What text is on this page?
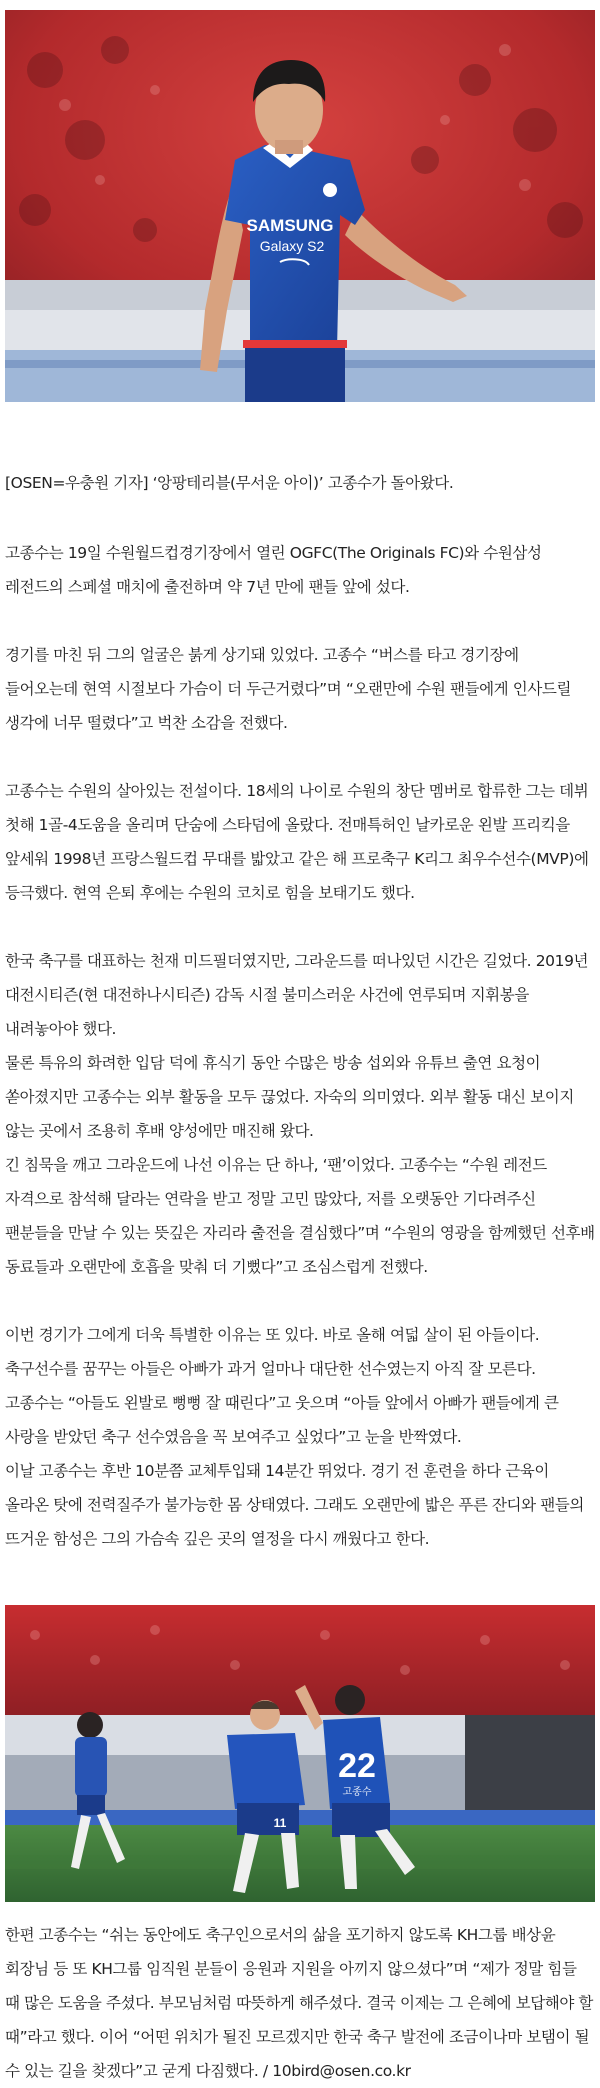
SAMSUNG
Galaxy S2

[OSEN=우충원 기자] ‘앙팡테리블(무서운 아이)’ 고종수가 돌아왔다.

고종수는 19일 수원월드컵경기장에서 열린 OGFC(The Originals FC)와 수원삼성 레전드의 스페셜 매치에 출전하며 약 7년 만에 팬들 앞에 섰다.

경기를 마친 뒤 그의 얼굴은 붉게 상기돼 있었다. 고종수 “버스를 타고 경기장에 들어오는데 현역 시절보다 가슴이 더 두근거렸다”며 “오랜만에 수원 팬들에게 인사드릴 생각에 너무 떨렸다”고 벅찬 소감을 전했다.

고종수는 수원의 살아있는 전설이다. 18세의 나이로 수원의 창단 멤버로 합류한 그는 데뷔 첫해 1골-4도움을 올리며 단숨에 스타덤에 올랐다. 전매특허인 날카로운 왼발 프리킥을 앞세워 1998년 프랑스월드컵 무대를 밟았고 같은 해 프로축구 K리그 최우수선수(MVP)에 등극했다. 현역 은퇴 후에는 수원의 코치로 힘을 보태기도 했다.

한국 축구를 대표하는 천재 미드필더였지만, 그라운드를 떠나있던 시간은 길었다. 2019년 대전시티즌(현 대전하나시티즌) 감독 시절 불미스러운 사건에 연루되며 지휘봉을 내려놓아야 했다.

물론 특유의 화려한 입담 덕에 휴식기 동안 수많은 방송 섭외와 유튜브 출연 요청이 쏟아졌지만 고종수는 외부 활동을 모두 끊었다. 자숙의 의미였다. 외부 활동 대신 보이지 않는 곳에서 조용히 후배 양성에만 매진해 왔다.

긴 침묵을 깨고 그라운드에 나선 이유는 단 하나, ‘팬’이었다. 고종수는 “수원 레전드 자격으로 참석해 달라는 연락을 받고 정말 고민 많았다, 저를 오랫동안 기다려주신 팬분들을 만날 수 있는 뜻깊은 자리라 출전을 결심했다”며 “수원의 영광을 함께했던 선후배 동료들과 오랜만에 호흡을 맞춰 더 기뻤다”고 조심스럽게 전했다.

이번 경기가 그에게 더욱 특별한 이유는 또 있다. 바로 올해 여덟 살이 된 아들이다. 축구선수를 꿈꾸는 아들은 아빠가 과거 얼마나 대단한 선수였는지 아직 잘 모른다. 고종수는 “아들도 왼발로 뻥뻥 잘 때린다”고 웃으며 “아들 앞에서 아빠가 팬들에게 큰 사랑을 받았던 축구 선수였음을 꼭 보여주고 싶었다”고 눈을 반짝였다.

이날 고종수는 후반 10분쯤 교체투입돼 14분간 뛰었다. 경기 전 훈련을 하다 근육이 올라온 탓에 전력질주가 불가능한 몸 상태였다. 그래도 오랜만에 밟은 푸른 잔디와 팬들의 뜨거운 함성은 그의 가슴속 깊은 곳의 열정을 다시 깨웠다고 한다.

11
22
고종수

한편 고종수는 “쉬는 동안에도 축구인으로서의 삶을 포기하지 않도록 KH그룹 배상윤 회장님 등 또 KH그룹 임직원 분들이 응원과 지원을 아끼지 않으셨다”며 “제가 정말 힘들 때 많은 도움을 주셨다. 부모님처럼 따뜻하게 해주셨다. 결국 이제는 그 은혜에 보답해야 할 때”라고 했다. 이어 “어떤 위치가 될진 모르겠지만 한국 축구 발전에 조금이나마 보탬이 될 수 있는 길을 찾겠다”고 굳게 다짐했다. / 10bird@osen.co.kr
